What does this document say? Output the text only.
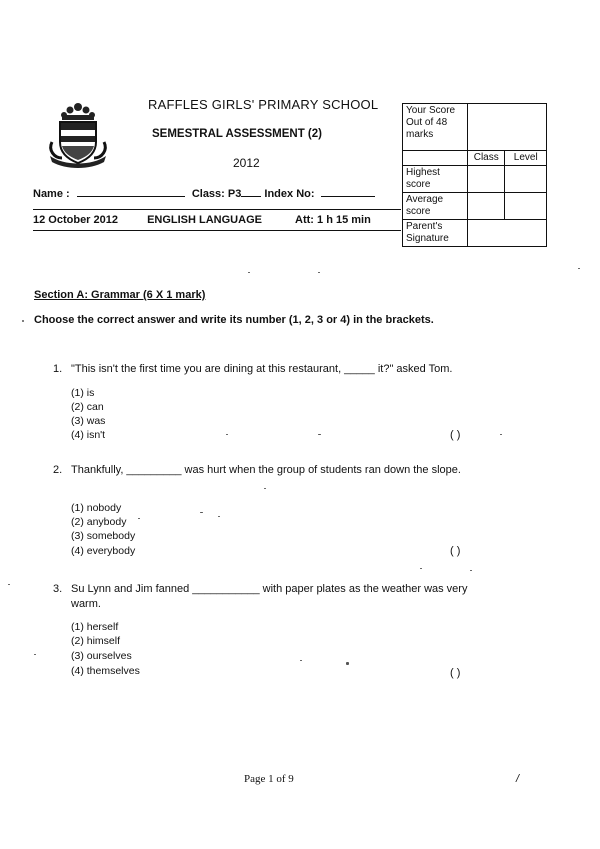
RAFFLES GIRLS' PRIMARY SCHOOL
SEMESTRAL ASSESSMENT (2)
2012
Name :	Class: P3 Index No:
12 October 2012	ENGLISH LANGUAGE	Att: 1 h 15 min
Your Score Out of 48 marks		
	Class	Level
Highest score		
Average score		
Parent's Signature		
Section A: Grammar (6 X 1 mark)
Choose the correct answer and write its number (1, 2, 3 or 4) in the brackets.
1. "This isn't the first time you are dining at this restaurant, _____ it?" asked Tom.
(1) is
(2) can
(3) was
(4) isn't	( )
2. Thankfully, _________ was hurt when the group of students ran down the slope.
(1) nobody
(2) anybody
(3) somebody
(4) everybody	( )
3. Su Lynn and Jim fanned ___________ with paper plates as the weather was very
warm.
(1) herself
(2) himself
(3) ourselves
(4) themselves	( )
Page 1 of 9	/
